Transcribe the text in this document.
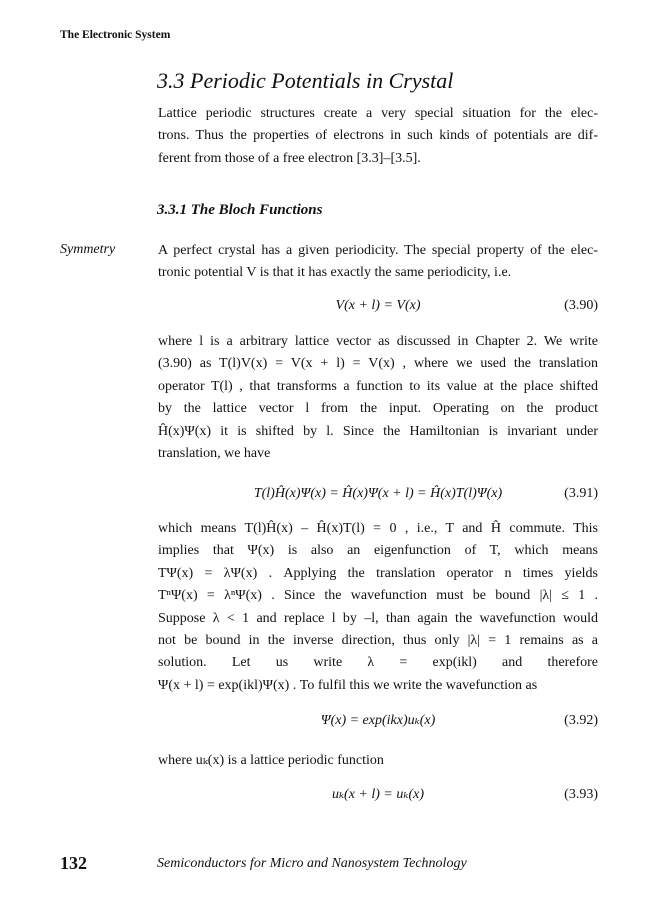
The Electronic System
3.3 Periodic Potentials in Crystal
Lattice periodic structures create a very special situation for the elec-
trons. Thus the properties of electrons in such kinds of potentials are dif-
ferent from those of a free electron [3.3]–[3.5].
3.3.1 The Bloch Functions
Symmetry	A perfect crystal has a given periodicity. The special property of the elec-
tronic potential V is that it has exactly the same periodicity, i.e.
V(x + l) = V(x)	(3.90)
where l is a arbitrary lattice vector as discussed in Chapter 2. We write
(3.90) as T(l)V(x) = V(x + l) = V(x) , where we used the translation
operator T(l) , that transforms a function to its value at the place shifted
by the lattice vector l from the input. Operating on the product
Ĥ(x)Ψ(x) it is shifted by l. Since the Hamiltonian is invariant under
translation, we have
T(l)Ĥ(x)Ψ(x) = Ĥ(x)Ψ(x + l) = Ĥ(x)T(l)Ψ(x)	(3.91)
which means T(l)Ĥ(x) – Ĥ(x)T(l) = 0 , i.e., T and Ĥ commute. This
implies that Ψ(x) is also an eigenfunction of T, which means
TΨ(x) = λΨ(x) . Applying the translation operator n times yields
TⁿΨ(x) = λⁿΨ(x) . Since the wavefunction must be bound |λ| ≤ 1 .
Suppose λ < 1 and replace l by –l, than again the wavefunction would
not be bound in the inverse direction, thus only |λ| = 1 remains as a
solution. Let us write λ = exp(ikl) and therefore
Ψ(x + l) = exp(ikl)Ψ(x) . To fulfil this we write the wavefunction as
Ψ(x) = exp(ikx)uₖ(x)	(3.92)
where uₖ(x) is a lattice periodic function
uₖ(x + l) = uₖ(x)	(3.93)
132	Semiconductors for Micro and Nanosystem Technology
